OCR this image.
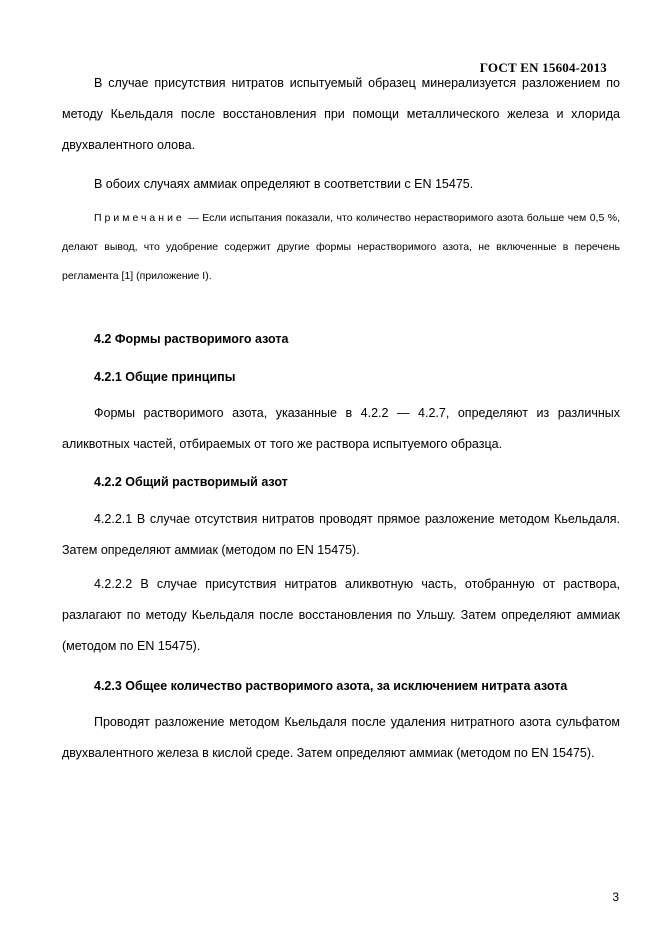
ГОСТ EN 15604-2013
В случае присутствия нитратов испытуемый образец минерализуется разложением по методу Кьельдаля после восстановления при помощи металлического железа и хлорида двухвалентного олова.
В обоих случаях аммиак определяют в соответствии с EN 15475.
Примечание — Если испытания показали, что количество нерастворимого азота больше чем 0,5 %, делают вывод, что удобрение содержит другие формы нерастворимого азота, не включенные в перечень регламента [1] (приложение I).
4.2 Формы растворимого азота
4.2.1 Общие принципы
Формы растворимого азота, указанные в 4.2.2 — 4.2.7, определяют из различных аликвотных частей, отбираемых от того же раствора испытуемого образца.
4.2.2 Общий растворимый азот
4.2.2.1 В случае отсутствия нитратов проводят прямое разложение методом Кьельдаля. Затем определяют аммиак (методом по EN 15475).
4.2.2.2 В случае присутствия нитратов аликвотную часть, отобранную от раствора, разлагают по методу Кьельдаля после восстановления по Ульшу. Затем определяют аммиак (методом по EN 15475).
4.2.3 Общее количество растворимого азота, за исключением нитрата азота
Проводят разложение методом Кьельдаля после удаления нитратного азота сульфатом двухвалентного железа в кислой среде. Затем определяют аммиак (методом по EN 15475).
3
